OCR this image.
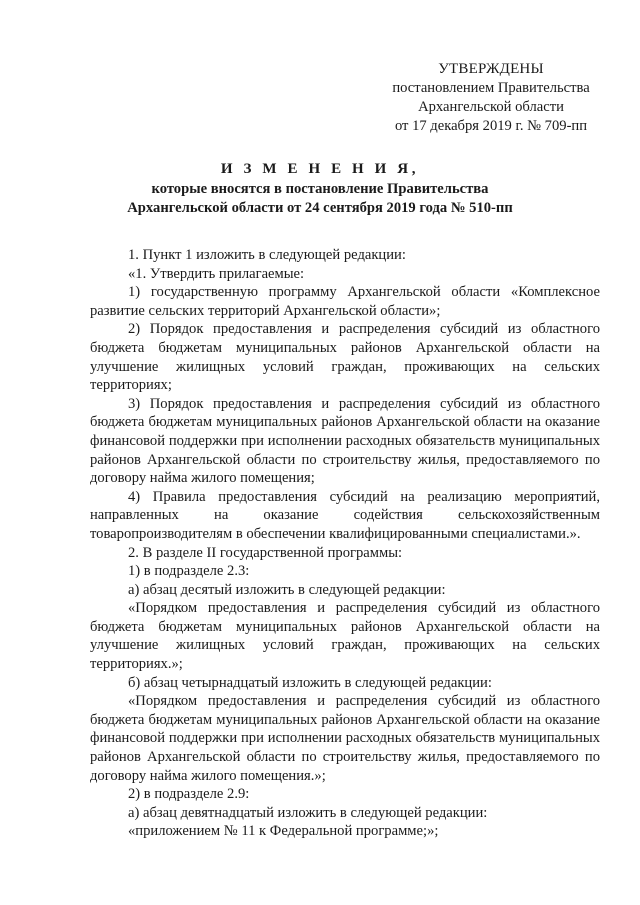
УТВЕРЖДЕНЫ
постановлением Правительства
Архангельской области
от 17 декабря 2019 г. № 709-пп
И З М Е Н Е Н И Я,
которые вносятся в постановление Правительства
Архангельской области от 24 сентября 2019 года № 510-пп

1. Пункт 1 изложить в следующей редакции:

«1. Утвердить прилагаемые:

1) государственную программу Архангельской области «Комплексное развитие сельских территорий Архангельской области»;

2) Порядок предоставления и распределения субсидий из областного бюджета бюджетам муниципальных районов Архангельской области на улучшение жилищных условий граждан, проживающих на сельских территориях;

3) Порядок предоставления и распределения субсидий из областного бюджета бюджетам муниципальных районов Архангельской области на оказание финансовой поддержки при исполнении расходных обязательств муниципальных районов Архангельской области по строительству жилья, предоставляемого по договору найма жилого помещения;

4) Правила предоставления субсидий на реализацию мероприятий, направленных на оказание содействия сельскохозяйственным товаропроизводителям в обеспечении квалифицированными специалистами.».

2. В разделе II государственной программы:

1) в подразделе 2.3:

а) абзац десятый изложить в следующей редакции:

«Порядком предоставления и распределения субсидий из областного бюджета бюджетам муниципальных районов Архангельской области на улучшение жилищных условий граждан, проживающих на сельских территориях.»;

б) абзац четырнадцатый изложить в следующей редакции:

«Порядком предоставления и распределения субсидий из областного бюджета бюджетам муниципальных районов Архангельской области на оказание финансовой поддержки при исполнении расходных обязательств муниципальных районов Архангельской области по строительству жилья, предоставляемого по договору найма жилого помещения.»;

2) в подразделе 2.9:

а) абзац девятнадцатый изложить в следующей редакции:

«приложением № 11 к Федеральной программе;»;
